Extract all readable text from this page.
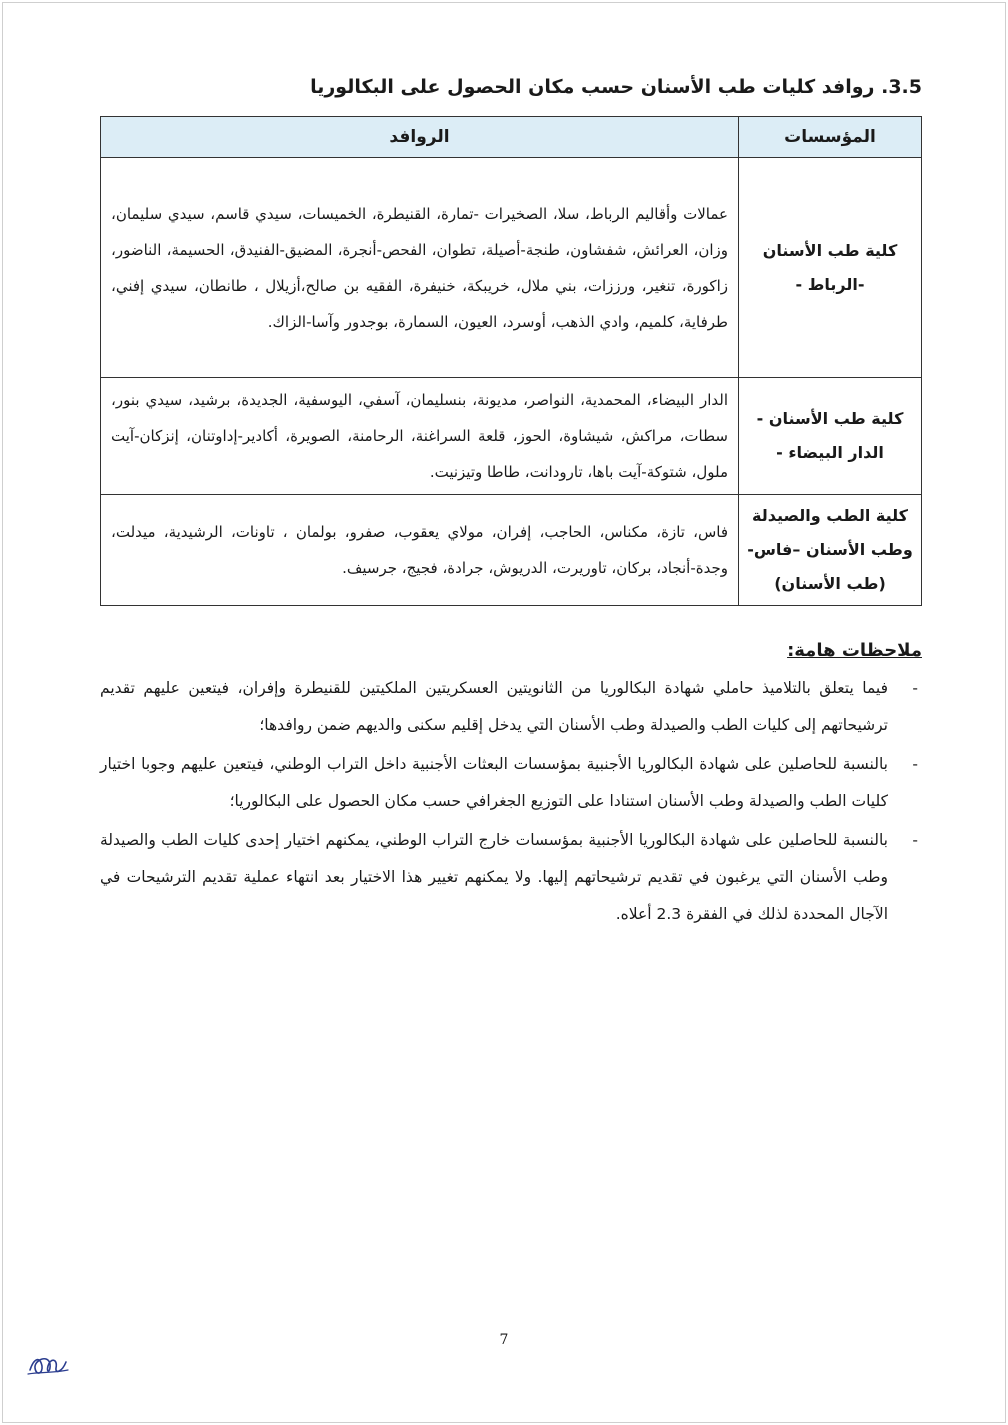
3.5. روافد كليات طب الأسنان حسب مكان الحصول على البكالوريا
المؤسسات	الروافد
كلية طب الأسنان -الرباط -	عمالات وأقاليم الرباط، سلا، الصخيرات -تمارة، القنيطرة، الخميسات، سيدي قاسم، سيدي سليمان، وزان، العرائش، شفشاون، طنجة-أصيلة، تطوان، الفحص-أنجرة، المضيق-الفنيدق، الحسيمة، الناضور، زاكورة، تنغير، ورززات، بني ملال، خريبكة، خنيفرة، الفقيه بن صالح،أزيلال ، طانطان، سيدي إفني، طرفاية، كلميم، وادي الذهب، أوسرد، العيون، السمارة، بوجدور وآسا-الزاك.
كلية طب الأسنان - الدار البيضاء -	الدار البيضاء، المحمدية، النواصر، مديونة، بنسليمان، آسفي، اليوسفية، الجديدة، برشيد، سيدي بنور، سطات، مراكش، شيشاوة، الحوز، قلعة السراغنة، الرحامنة، الصويرة، أكادير-إداوتنان، إنزكان-آيت ملول، شتوكة-آيت باها، تارودانت، طاطا وتيزنيت.
كلية الطب والصيدلة وطب الأسنان –فاس- (طب الأسنان)	فاس، تازة، مكناس، الحاجب، إفران، مولاي يعقوب، صفرو، بولمان ، تاونات، الرشيدية، ميدلت، وجدة-أنجاد، بركان، تاوريرت، الدريوش، جرادة، فجيج، جرسيف.
ملاحظات هامة:
-
فيما يتعلق بالتلاميذ حاملي شهادة البكالوريا من الثانويتين العسكريتين الملكيتين للقنيطرة وإفران، فيتعين عليهم تقديم ترشيحاتهم إلى كليات الطب والصيدلة وطب الأسنان التي يدخل إقليم سكنى والديهم ضمن روافدها؛
-
بالنسبة للحاصلين على شهادة البكالوريا الأجنبية بمؤسسات البعثات الأجنبية داخل التراب الوطني، فيتعين عليهم وجوبا اختيار كليات الطب والصيدلة وطب الأسنان استنادا على التوزيع الجغرافي حسب مكان الحصول على البكالوريا؛
-
بالنسبة للحاصلين على شهادة البكالوريا الأجنبية بمؤسسات خارج التراب الوطني، يمكنهم اختيار إحدى كليات الطب والصيدلة وطب الأسنان التي يرغبون في تقديم ترشيحاتهم إليها. ولا يمكنهم تغيير هذا الاختيار بعد انتهاء عملية تقديم الترشيحات في الآجال المحددة لذلك في الفقرة 2.3 أعلاه.
7
